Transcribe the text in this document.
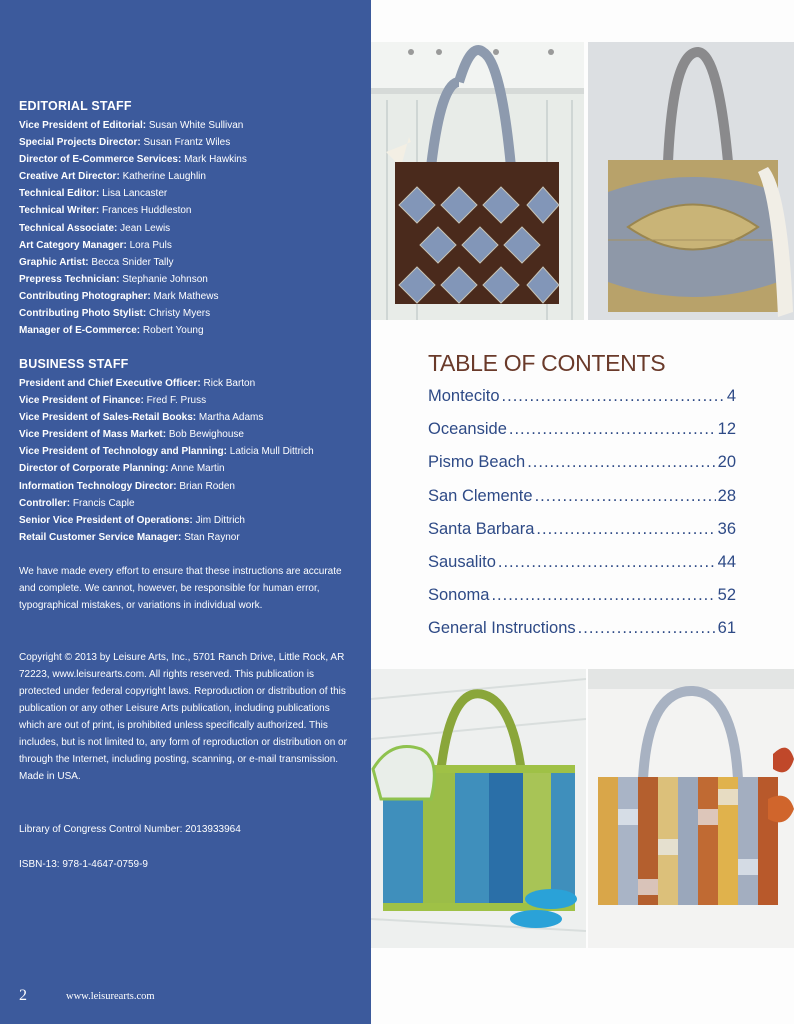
EDITORIAL STAFF
Vice President of Editorial: Susan White Sullivan
Special Projects Director: Susan Frantz Wiles
Director of E-Commerce Services: Mark Hawkins
Creative Art Director: Katherine Laughlin
Technical Editor: Lisa Lancaster
Technical Writer: Frances Huddleston
Technical Associate: Jean Lewis
Art Category Manager: Lora Puls
Graphic Artist: Becca Snider Tally
Prepress Technician: Stephanie Johnson
Contributing Photographer: Mark Mathews
Contributing Photo Stylist: Christy Myers
Manager of E-Commerce: Robert Young
BUSINESS STAFF
President and Chief Executive Officer: Rick Barton
Vice President of Finance: Fred F. Pruss
Vice President of Sales-Retail Books: Martha Adams
Vice President of Mass Market: Bob Bewighouse
Vice President of Technology and Planning: Laticia Mull Dittrich
Director of Corporate Planning: Anne Martin
Information Technology Director: Brian Roden
Controller: Francis Caple
Senior Vice President of Operations: Jim Dittrich
Retail Customer Service Manager: Stan Raynor

We have made every effort to ensure that these instructions are accurate and complete. We cannot, however, be responsible for human error, typographical mistakes, or variations in individual work.

Copyright © 2013 by Leisure Arts, Inc., 5701 Ranch Drive, Little Rock, AR 72223, www.leisurearts.com. All rights reserved. This publication is protected under federal copyright laws. Reproduction or distribution of this publication or any other Leisure Arts publication, including publications which are out of print, is prohibited unless specifically authorized. This includes, but is not limited to, any form of reproduction or distribution on or through the Internet, including posting, scanning, or e-mail transmission. Made in USA.

Library of Congress Control Number: 2013933964

ISBN-13: 978-1-4647-0759-9

2	www.leisurearts.com
TABLE OF CONTENTS
Montecito .....	4
Oceanside .....	12
Pismo Beach .....	20
San Clemente .....	28
Santa Barbara .....	36
Sausalito .....	44
Sonoma .....	52
General Instructions .....	61
